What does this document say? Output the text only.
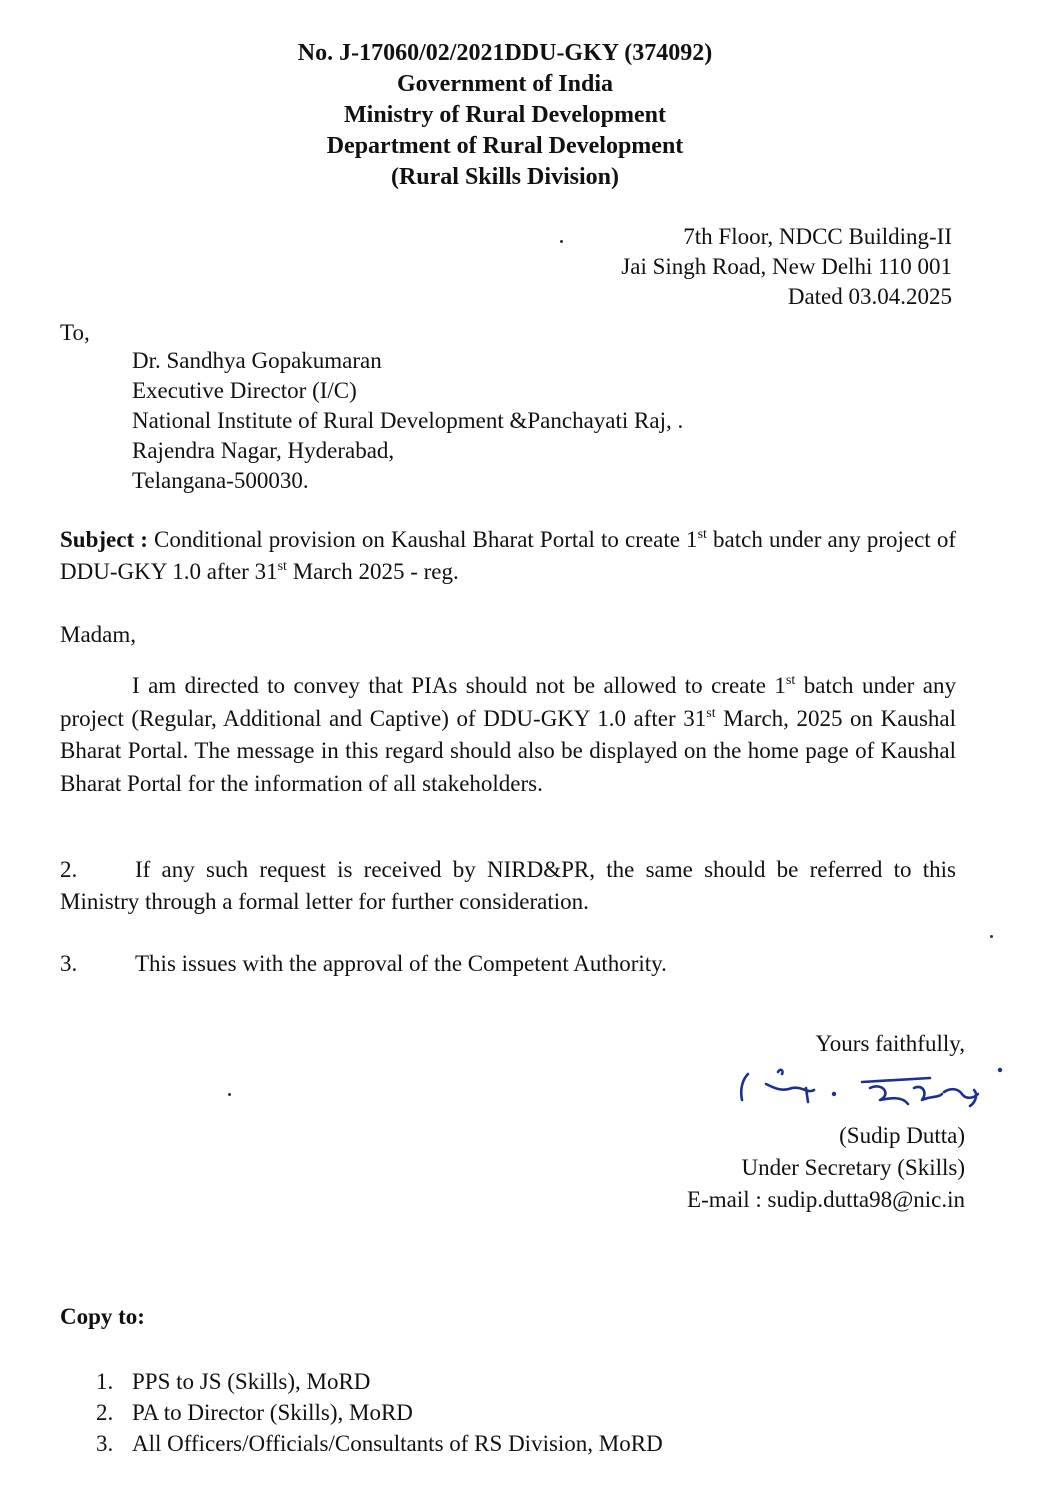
No. J-17060/02/2021DDU-GKY (374092)
Government of India
Ministry of Rural Development
Department of Rural Development
(Rural Skills Division)
7th Floor, NDCC Building-II
Jai Singh Road, New Delhi 110 001
Dated 03.04.2025
To,
Dr. Sandhya Gopakumaran
Executive Director (I/C)
National Institute of Rural Development &Panchayati Raj, .
Rajendra Nagar, Hyderabad,
Telangana-500030.
Subject : Conditional provision on Kaushal Bharat Portal to create 1st batch under any project of DDU-GKY 1.0 after 31st March 2025 - reg.
Madam,
I am directed to convey that PIAs should not be allowed to create 1st batch under any project (Regular, Additional and Captive) of DDU-GKY 1.0 after 31st March, 2025 on Kaushal Bharat Portal. The message in this regard should also be displayed on the home page of Kaushal Bharat Portal for the information of all stakeholders.
2.	If any such request is received by NIRD&PR, the same should be referred to this Ministry through a formal letter for further consideration.
3.	This issues with the approval of the Competent Authority.
Yours faithfully,
(Sudip Dutta)
Under Secretary (Skills)
E-mail : sudip.dutta98@nic.in
Copy to:
1. PPS to JS (Skills), MoRD
2. PA to Director (Skills), MoRD
3. All Officers/Officials/Consultants of RS Division, MoRD
